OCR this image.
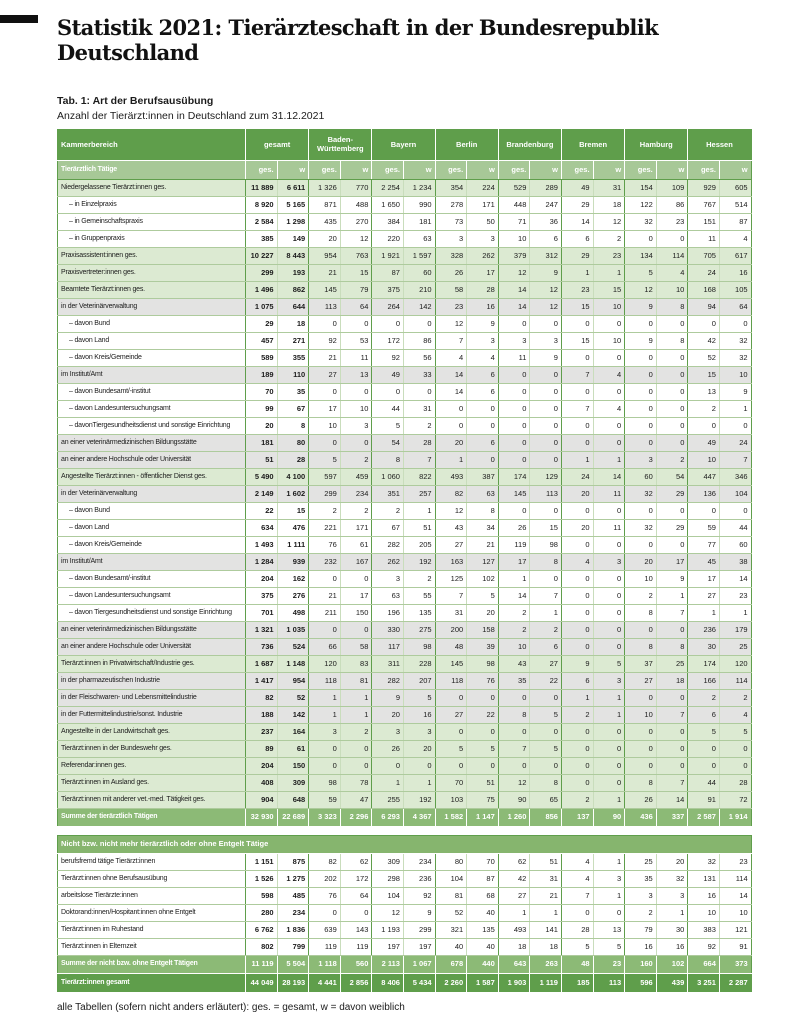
Statistik 2021: Tierärzteschaft in der Bundesrepublik Deutschland
Tab. 1: Art der Berufsausübung
Anzahl der Tierärzt:innen in Deutschland zum 31.12.2021
Kammerbereich	gesamt		Baden-Württemberg		Bayern		Berlin		Brandenburg		Bremen		Hamburg		Hessen	
Tierärztlich Tätige	ges.	w	ges.	w	ges.	w	ges.	w	ges.	w	ges.	w	ges.	w	ges.	w
Niedergelassene Tierärzt:innen ges.	11 889	6 611	1 326	770	2 254	1 234	354	224	529	289	49	31	154	109	929	605
– in Einzelpraxis	8 920	5 165	871	488	1 650	990	278	171	448	247	29	18	122	86	767	514
– in Gemeinschaftspraxis	2 584	1 298	435	270	384	181	73	50	71	36	14	12	32	23	151	87
– in Gruppenpraxis	385	149	20	12	220	63	3	3	10	6	6	2	0	0	11	4
Praxisassistent:innen ges.	10 227	8 443	954	763	1 921	1 597	328	262	379	312	29	23	134	114	705	617
Praxisvertreter:innen ges.	299	193	21	15	87	60	26	17	12	9	1	1	5	4	24	16
Beamtete Tierärzt:innen ges.	1 496	862	145	79	375	210	58	28	14	12	23	15	12	10	168	105
in der Veterinärverwaltung	1 075	644	113	64	264	142	23	16	14	12	15	10	9	8	94	64
– davon Bund	29	18	0	0	0	0	12	9	0	0	0	0	0	0	0	0
– davon Land	457	271	92	53	172	86	7	3	3	3	15	10	9	8	42	32
– davon Kreis/Gemeinde	589	355	21	11	92	56	4	4	11	9	0	0	0	0	52	32
im Institut/Amt	189	110	27	13	49	33	14	6	0	0	7	4	0	0	15	10
– davon Bundesamt/-institut	70	35	0	0	0	0	14	6	0	0	0	0	0	0	13	9
– davon Landesuntersuchungsamt	99	67	17	10	44	31	0	0	0	0	7	4	0	0	2	1
– davonTiergesundheitsdienst und sonstige Einrichtung	20	8	10	3	5	2	0	0	0	0	0	0	0	0	0	0
an einer veterinärmedizinischen Bildungsstätte	181	80	0	0	54	28	20	6	0	0	0	0	0	0	49	24
an einer andere Hochschule oder Universität	51	28	5	2	8	7	1	0	0	0	1	1	3	2	10	7
Angestellte Tierärzt:innen - öffentlicher Dienst ges.	5 490	4 100	597	459	1 060	822	493	387	174	129	24	14	60	54	447	346
in der Veterinärverwaltung	2 149	1 602	299	234	351	257	82	63	145	113	20	11	32	29	136	104
– davon Bund	22	15	2	2	2	1	12	8	0	0	0	0	0	0	0	0
– davon Land	634	476	221	171	67	51	43	34	26	15	20	11	32	29	59	44
– davon Kreis/Gemeinde	1 493	1 111	76	61	282	205	27	21	119	98	0	0	0	0	77	60
im Institut/Amt	1 284	939	232	167	262	192	163	127	17	8	4	3	20	17	45	38
– davon Bundesamt/-institut	204	162	0	0	3	2	125	102	1	0	0	0	10	9	17	14
– davon Landesuntersuchungsamt	375	276	21	17	63	55	7	5	14	7	0	0	2	1	27	23
– davon Tiergesundheitsdienst und sonstige Einrichtung	701	498	211	150	196	135	31	20	2	1	0	0	8	7	1	1
an einer veterinärmedizinischen Bildungsstätte	1 321	1 035	0	0	330	275	200	158	2	2	0	0	0	0	236	179
an einer andere Hochschule oder Universität	736	524	66	58	117	98	48	39	10	6	0	0	8	8	30	25
Tierärzt:innen in Privatwirtschaft/Industrie ges.	1 687	1 148	120	83	311	228	145	98	43	27	9	5	37	25	174	120
in der pharmazeutischen Industrie	1 417	954	118	81	282	207	118	76	35	22	6	3	27	18	166	114
in der Fleischwaren- und Lebensmittelindustrie	82	52	1	1	9	5	0	0	0	0	1	1	0	0	2	2
in der Futtermittelindustrie/sonst. Industrie	188	142	1	1	20	16	27	22	8	5	2	1	10	7	6	4
Angestellte in der Landwirtschaft ges.	237	164	3	2	3	3	0	0	0	0	0	0	0	0	5	5
Tierärzt:innen in der Bundeswehr ges.	89	61	0	0	26	20	5	5	7	5	0	0	0	0	0	0
Referendar:innen ges.	204	150	0	0	0	0	0	0	0	0	0	0	0	0	0	0
Tierärzt:innen im Ausland ges.	408	309	98	78	1	1	70	51	12	8	0	0	8	7	44	28
Tierärzt:innen mit anderer vet.-med. Tätigkeit ges.	904	648	59	47	255	192	103	75	90	65	2	1	26	14	91	72
Summe der tierärztlich Tätigen	32 930	22 689	3 323	2 296	6 293	4 367	1 582	1 147	1 260	856	137	90	436	337	2 587	1 914
Nicht bzw. nicht mehr tierärztlich oder ohne Entgelt Tätige																
berufsfremd tätige Tierärzt:innen	1 151	875	82	62	309	234	80	70	62	51	4	1	25	20	32	23
Tierärzt:innen ohne Berufsausübung	1 526	1 275	202	172	298	236	104	87	42	31	4	3	35	32	131	114
arbeitslose Tierärzte:innen	598	485	76	64	104	92	81	68	27	21	7	1	3	3	16	14
Doktorand:innen/Hospitant:innen ohne Entgelt	280	234	0	0	12	9	52	40	1	1	0	0	2	1	10	10
Tierärzt:innen im Ruhestand	6 762	1 836	639	143	1 193	299	321	135	493	141	28	13	79	30	383	121
Tierärzt:innen in Elternzeit	802	799	119	119	197	197	40	40	18	18	5	5	16	16	92	91
Summe der nicht bzw. ohne Entgelt Tätigen	11 119	5 504	1 118	560	2 113	1 067	678	440	643	263	48	23	160	102	664	373
Tierärzt:innen gesamt	44 049	28 193	4 441	2 856	8 406	5 434	2 260	1 587	1 903	1 119	185	113	596	439	3 251	2 287
alle Tabellen (sofern nicht anders erläutert): ges. = gesamt, w = davon weiblich
